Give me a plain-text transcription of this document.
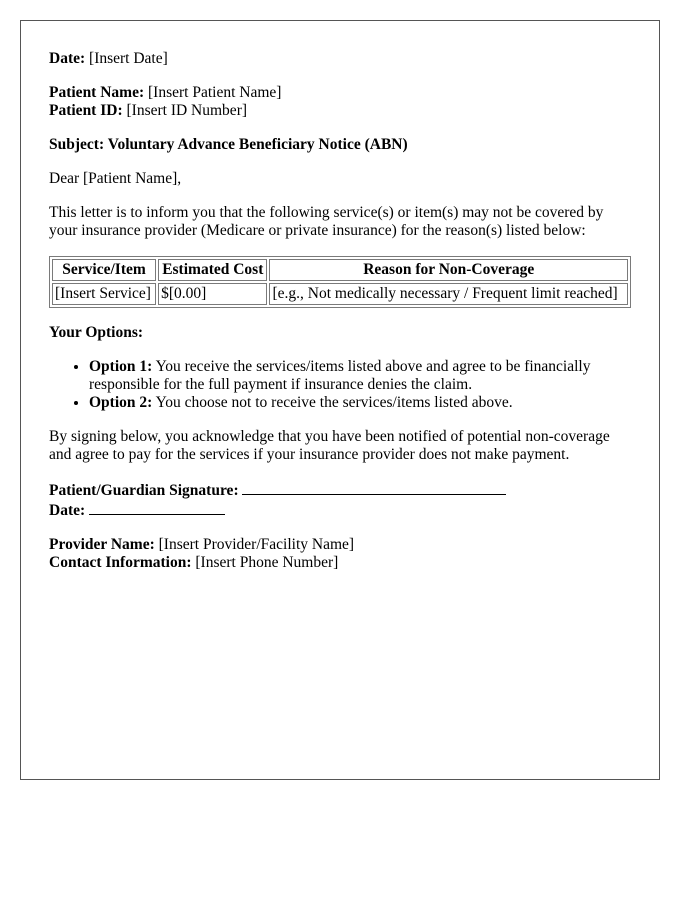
Date: [Insert Date]

Patient Name: [Insert Patient Name]

Patient ID: [Insert ID Number]

Subject: Voluntary Advance Beneficiary Notice (ABN)

Dear [Patient Name],

This letter is to inform you that the following service(s) or item(s) may not be covered by your insurance provider (Medicare or private insurance) for the reason(s) listed below:

Service/Item	Estimated Cost	Reason for Non-Coverage
[Insert Service]	$[0.00]	[e.g., Not medically necessary / Frequent limit reached]

Your Options:

• Option 1: You receive the services/items listed above and agree to be financially responsible for the full payment if insurance denies the claim.
• Option 2: You choose not to receive the services/items listed above.

By signing below, you acknowledge that you have been notified of potential non-coverage and agree to pay for the services if your insurance provider does not make payment.

Patient/Guardian Signature:

Date:

Provider Name: [Insert Provider/Facility Name]

Contact Information: [Insert Phone Number]
